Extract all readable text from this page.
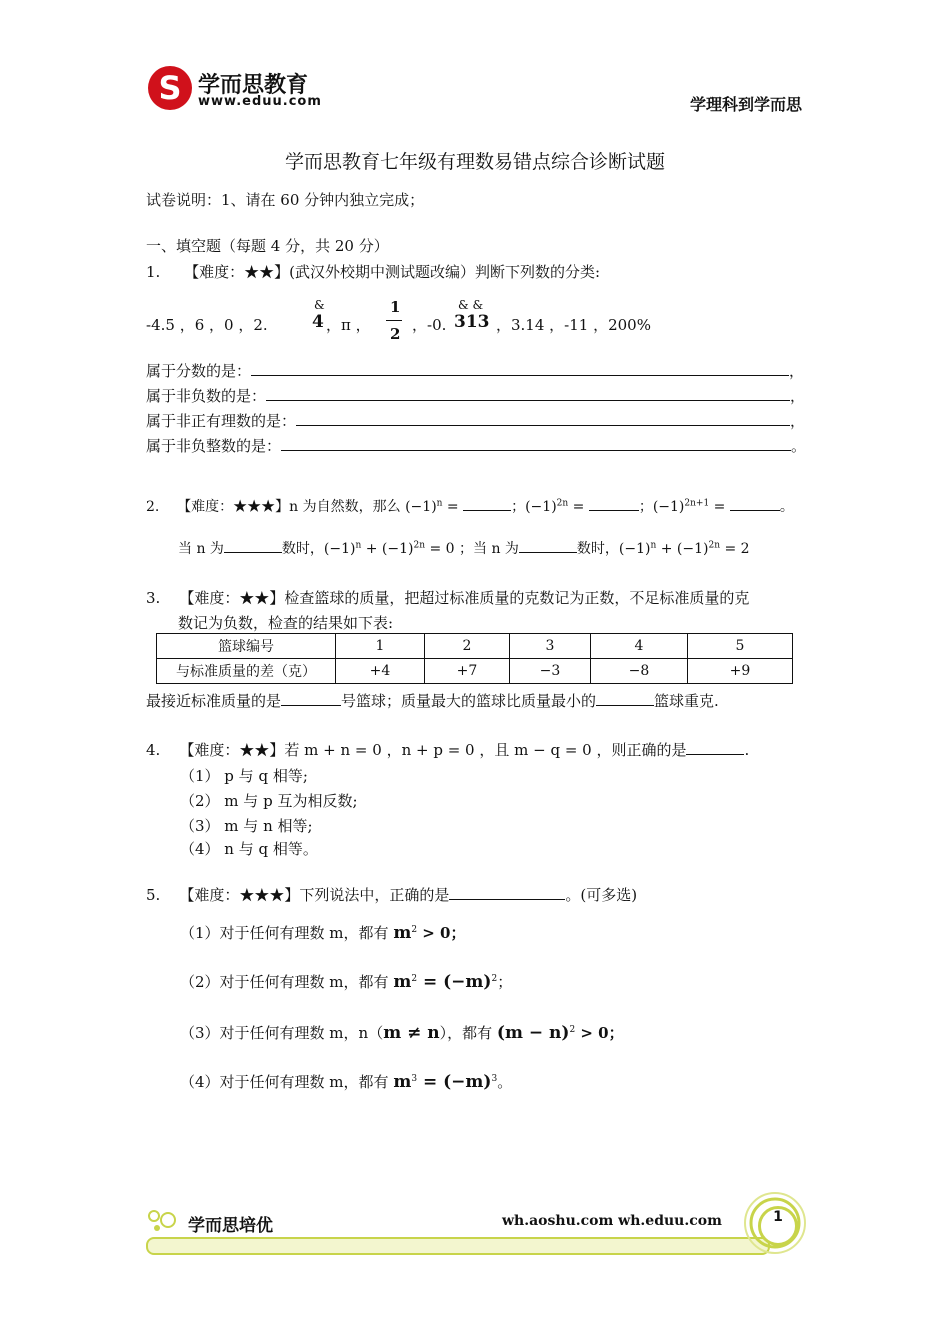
S 学而思教育
www.eduu.com	学理科到学而思
学而思教育七年级有理数易错点综合诊断试题
试卷说明：1、请在 60 分钟内独立完成；
一、填空题（每题 4 分，共 20 分）
1. 【难度：★★】(武汉外校期中测试题改编）判断下列数的分类:
-4.5 ，6 ，0 ，2.
&
4 ，π ，
1
2 ，-0.
& &
313 ，3.14 ，-11 ，200%
属于分数的是：	，
属于非负数的是：	，
属于非正有理数的是：	，
属于非负整数的是：	。
2. 【难度：★★★】n 为自然数，那么 $(-1)^n$ =	；$(-1)^{2n}$ =	；$(-1)^{2n+1}$ =	。
当 n 为	数时，$(-1)^n + (-1)^{2n} = 0$ ；当 n 为	数时，$(-1)^n + (-1)^{2n} = 2$
3. 【难度：★★】检查篮球的质量，把超过标准质量的克数记为正数，不足标准质量的克
数记为负数，检查的结果如下表:
篮球编号	1	2	3	4	5
与标准质量的差（克）	+4	+7	−3	−8	+9
最接近标准质量的是	号篮球；质量最大的篮球比质量最小的	篮球重克.
4. 【难度：★★】若 m + n = 0 ，n + p = 0 ，且 m − q = 0 ，则正确的是	.
（1） p 与 q 相等;
（2） m 与 p 互为相反数;
（3） m 与 n 相等;
（4） n 与 q 相等。
5. 【难度：★★★】下列说法中，正确的是	。(可多选)
（1）对于任何有理数 m，都有 $m^2 > 0$；
（2）对于任何有理数 m，都有 $m^2 = (-m)^2$；
（3）对于任何有理数 m，n（m ≠ n），都有 $(m - n)^2 > 0$；
（4）对于任何有理数 m，都有 $m^3 = (-m)^3$。
学而思培优	wh.aoshu.com wh.eduu.com	1
